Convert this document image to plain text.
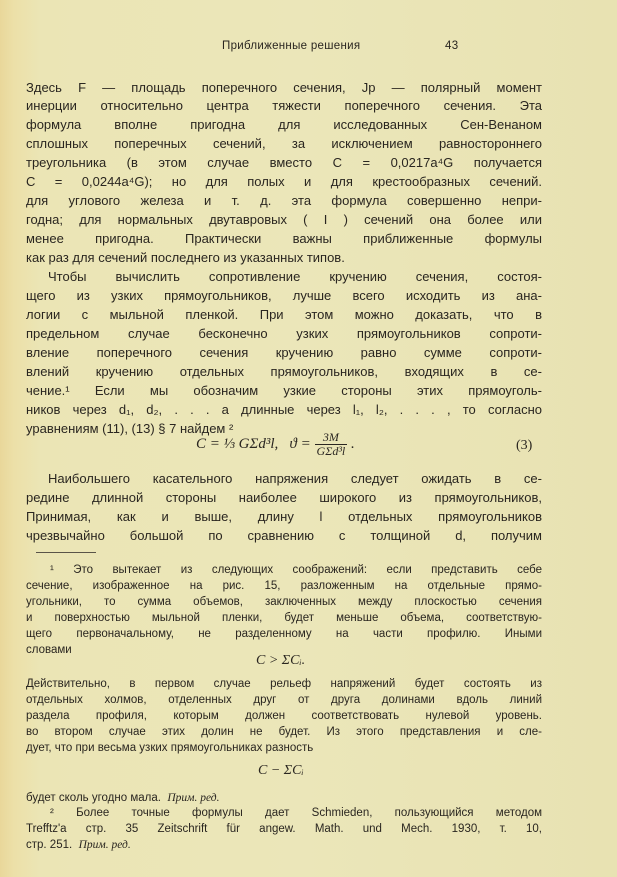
Приближенные решения	43
Здесь F — площадь поперечного сечения, Jp — полярный момент
инерции относительно центра тяжести поперечного сечения. Эта
формула вполне пригодна для исследованных Сен-Венаном
сплошных поперечных сечений, за исключением равностороннего
треугольника (в этом случае вместо C = 0,0217a⁴G получается
C = 0,0244a⁴G); но для полых и для крестообразных сечений.
для углового железа и т. д. эта формула совершенно непри-
годна; для нормальных двутавровых ( I ) сечений она более или
менее пригодна. Практически важны приближенные формулы
как раз для сечений последнего из указанных типов.
Чтобы вычислить сопротивление кручению сечения, состоя-
щего из узких прямоугольников, лучше всего исходить из ана-
логии с мыльной пленкой. При этом можно доказать, что в
предельном случае бесконечно узких прямоугольников сопроти-
вление поперечного сечения кручению равно сумме сопроти-
влений кручению отдельных прямоугольников, входящих в се-
чение.¹ Если мы обозначим узкие стороны этих прямоуголь-
ников через d₁, d₂, . . . а длинные через l₁, l₂, . . . , то согласно
уравнениям (11), (13) § 7 найдем ²
C = ⅓ GΣd³l, $ϑ = \frac{3M}{\text{GΣd³l}}$ .	(3)
Наибольшего касательного напряжения следует ожидать в се-
редине длинной стороны наиболее широкого из прямоугольников,
Принимая, как и выше, длину l отдельных прямоугольников
чрезвычайно большой по сравнению с толщиной d, получим
¹ Это вытекает из следующих соображений: если представить себе
сечение, изображенное на рис. 15, разложенным на отдельные прямо-
угольники, то сумма объемов, заключенных между плоскостью сечения
и поверхностью мыльной пленки, будет меньше объема, соответствую-
щего первоначальному, не разделенному на части профилю. Иными
словами
C > ΣCᵢ.
Действительно, в первом случае рельеф напряжений будет состоять из
отдельных холмов, отделенных друг от друга долинами вдоль линий
раздела профиля, которым должен соответствовать нулевой уровень.
во втором случае этих долин не будет. Из этого представления и сле-
дует, что при весьма узких прямоугольниках разность
C − ΣCᵢ
будет сколь угодно мала. Прим. ред.
² Более точные формулы дает Schmieden, пользующийся методом
Trefftz'a стр. 35 Zeitschrift für angew. Math. und Mech. 1930, т. 10,
стр. 251. Прим. ред.
